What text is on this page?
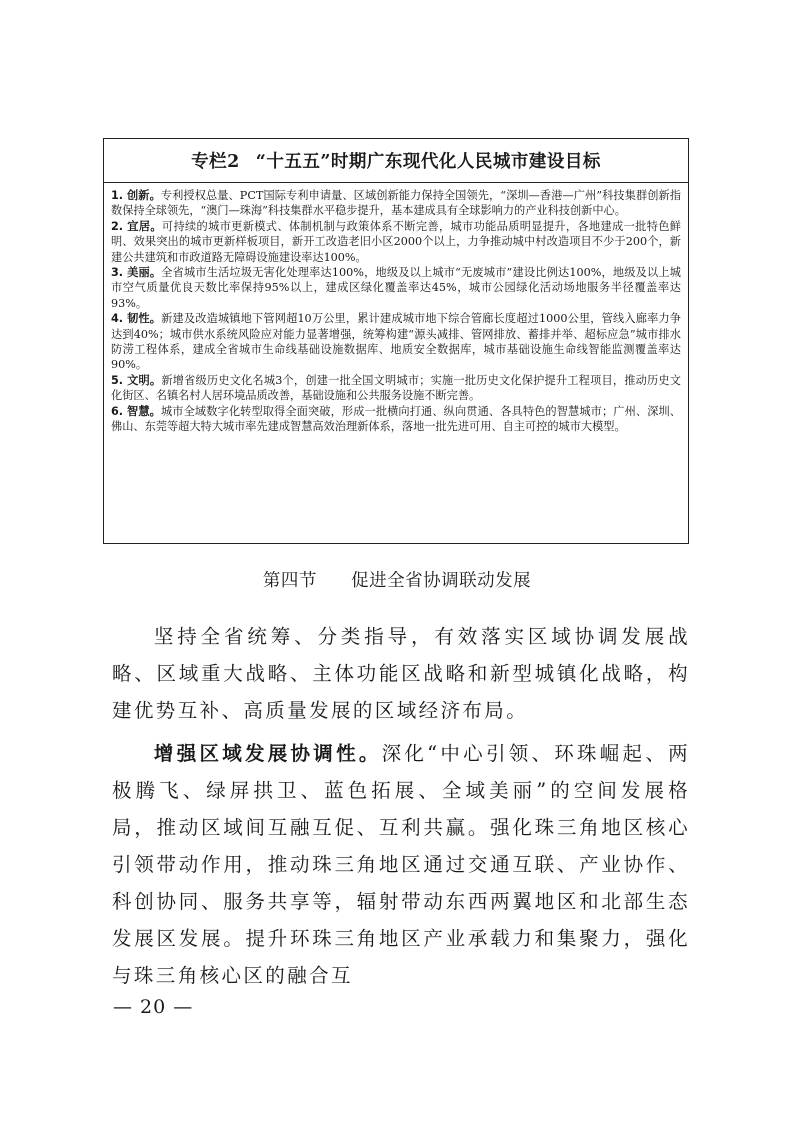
专栏2 “十五五”时期广东现代化人民城市建设目标

1. 创新。专利授权总量、PCT国际专利申请量、区域创新能力保持全国领先，“深圳—香港—广州”科技集群创新指数保持全球领先，“澳门—珠海”科技集群水平稳步提升，基本建成具有全球影响力的产业科技创新中心。

2. 宜居。可持续的城市更新模式、体制机制与政策体系不断完善，城市功能品质明显提升，各地建成一批特色鲜明、效果突出的城市更新样板项目，新开工改造老旧小区2000个以上，力争推动城中村改造项目不少于200个，新建公共建筑和市政道路无障碍设施建设率达100%。

3. 美丽。全省城市生活垃圾无害化处理率达100%，地级及以上城市“无废城市”建设比例达100%，地级及以上城市空气质量优良天数比率保持95%以上，建成区绿化覆盖率达45%，城市公园绿化活动场地服务半径覆盖率达93%。

4. 韧性。新建及改造城镇地下管网超10万公里，累计建成城市地下综合管廊长度超过1000公里，管线入廊率力争达到40%；城市供水系统风险应对能力显著增强，统筹构建“源头减排、管网排放、蓄排并举、超标应急”城市排水防涝工程体系，建成全省城市生命线基础设施数据库、地质安全数据库，城市基础设施生命线智能监测覆盖率达90%。

5. 文明。新增省级历史文化名城3个，创建一批全国文明城市；实施一批历史文化保护提升工程项目，推动历史文化街区、名镇名村人居环境品质改善，基础设施和公共服务设施不断完善。

6. 智慧。城市全域数字化转型取得全面突破，形成一批横向打通、纵向贯通、各具特色的智慧城市；广州、深圳、佛山、东莞等超大特大城市率先建成智慧高效治理新体系，落地一批先进可用、自主可控的城市大模型。

第四节 促进全省协调联动发展

坚持全省统筹、分类指导，有效落实区域协调发展战略、区域重大战略、主体功能区战略和新型城镇化战略，构建优势互补、高质量发展的区域经济布局。

增强区域发展协调性。深化“中心引领、环珠崛起、两极腾飞、绿屏拱卫、蓝色拓展、全域美丽”的空间发展格局，推动区域间互融互促、互利共赢。强化珠三角地区核心引领带动作用，推动珠三角地区通过交通互联、产业协作、科创协同、服务共享等，辐射带动东西两翼地区和北部生态发展区发展。提升环珠三角地区产业承载力和集聚力，强化与珠三角核心区的融合互

— 20 —
